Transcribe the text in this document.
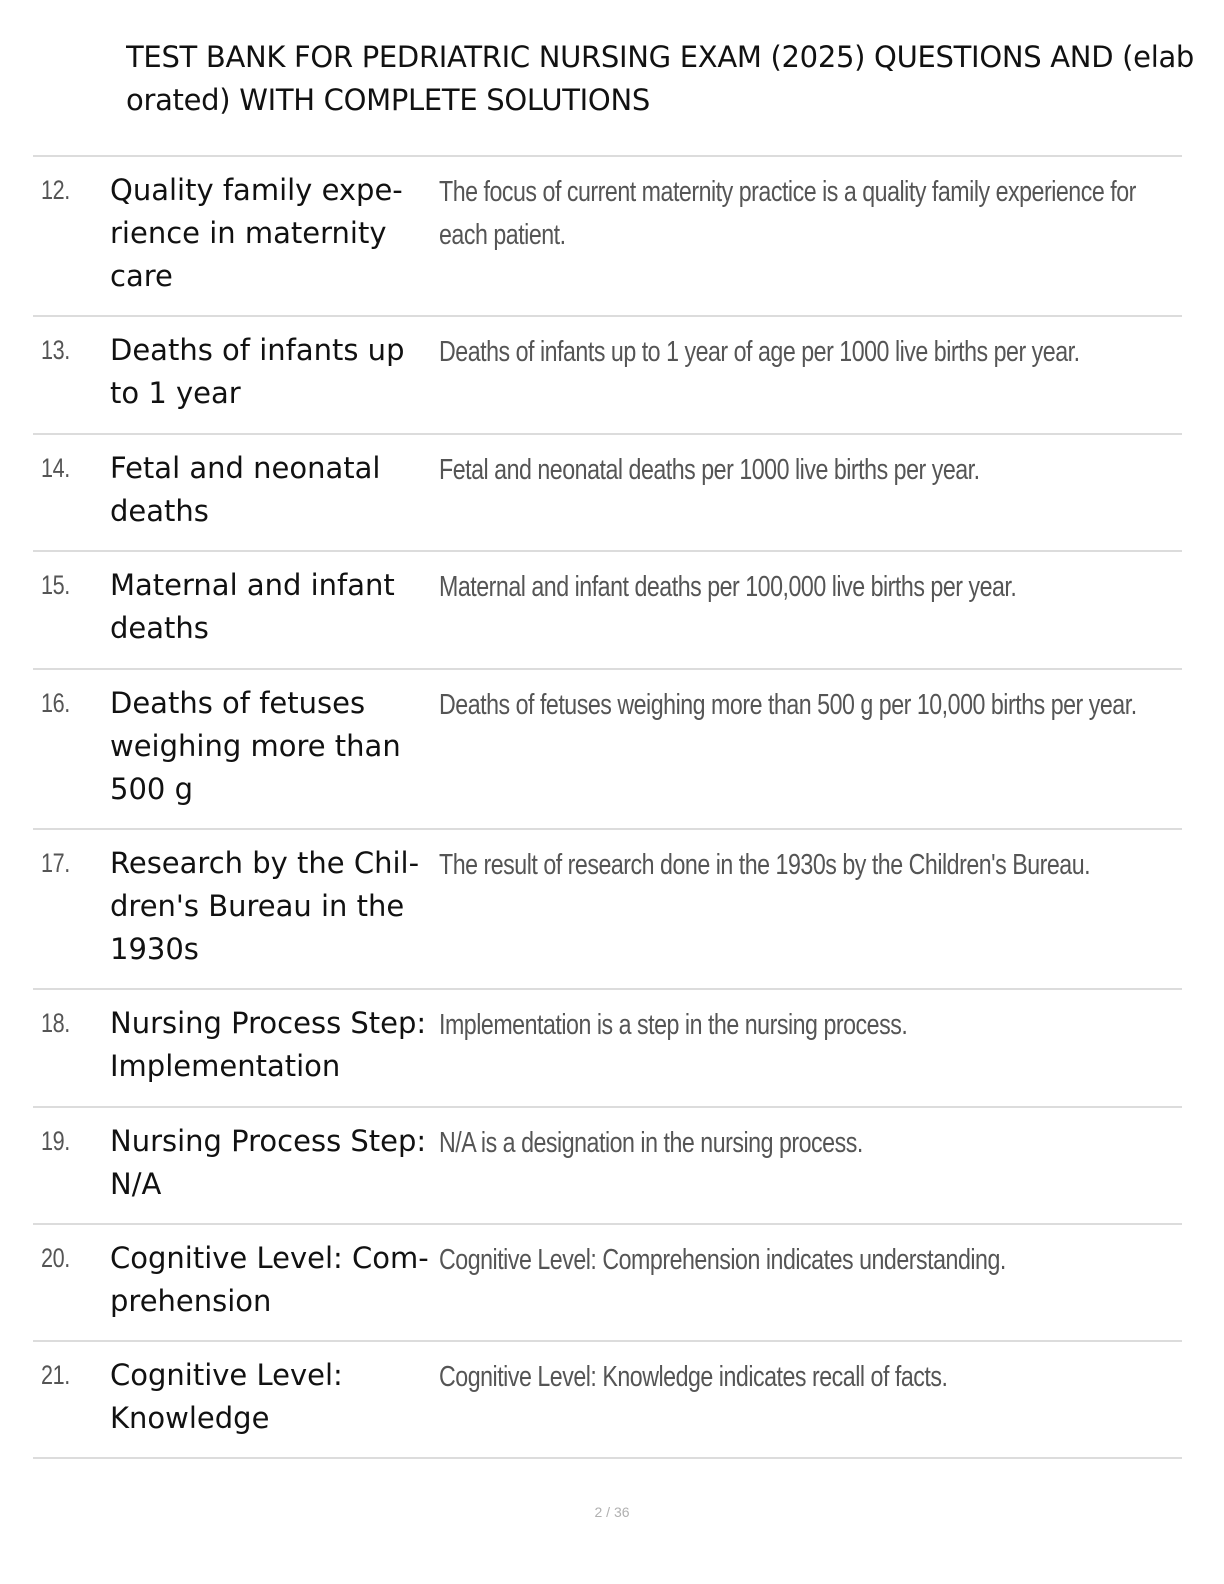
TEST BANK FOR PEDRIATRIC NURSING EXAM (2025) QUESTIONS AND (elab
orated) WITH COMPLETE SOLUTIONS
12. Quality family expe-
rience in maternity
care
The focus of current maternity practice is a quality family experience for
each patient.
13. Deaths of infants up
to 1 year
Deaths of infants up to 1 year of age per 1000 live births per year.
14. Fetal and neonatal
deaths
Fetal and neonatal deaths per 1000 live births per year.
15. Maternal and infant
deaths
Maternal and infant deaths per 100,000 live births per year.
16. Deaths of fetuses
weighing more than
500 g
Deaths of fetuses weighing more than 500 g per 10,000 births per year.
17. Research by the Chil-
dren's Bureau in the
1930s
The result of research done in the 1930s by the Children's Bureau.
18. Nursing Process Step:
Implementation
Implementation is a step in the nursing process.
19. Nursing Process Step:
N/A
N/A is a designation in the nursing process.
20. Cognitive Level: Com-
prehension
Cognitive Level: Comprehension indicates understanding.
21. Cognitive Level:
Knowledge
Cognitive Level: Knowledge indicates recall of facts.
2 / 36
